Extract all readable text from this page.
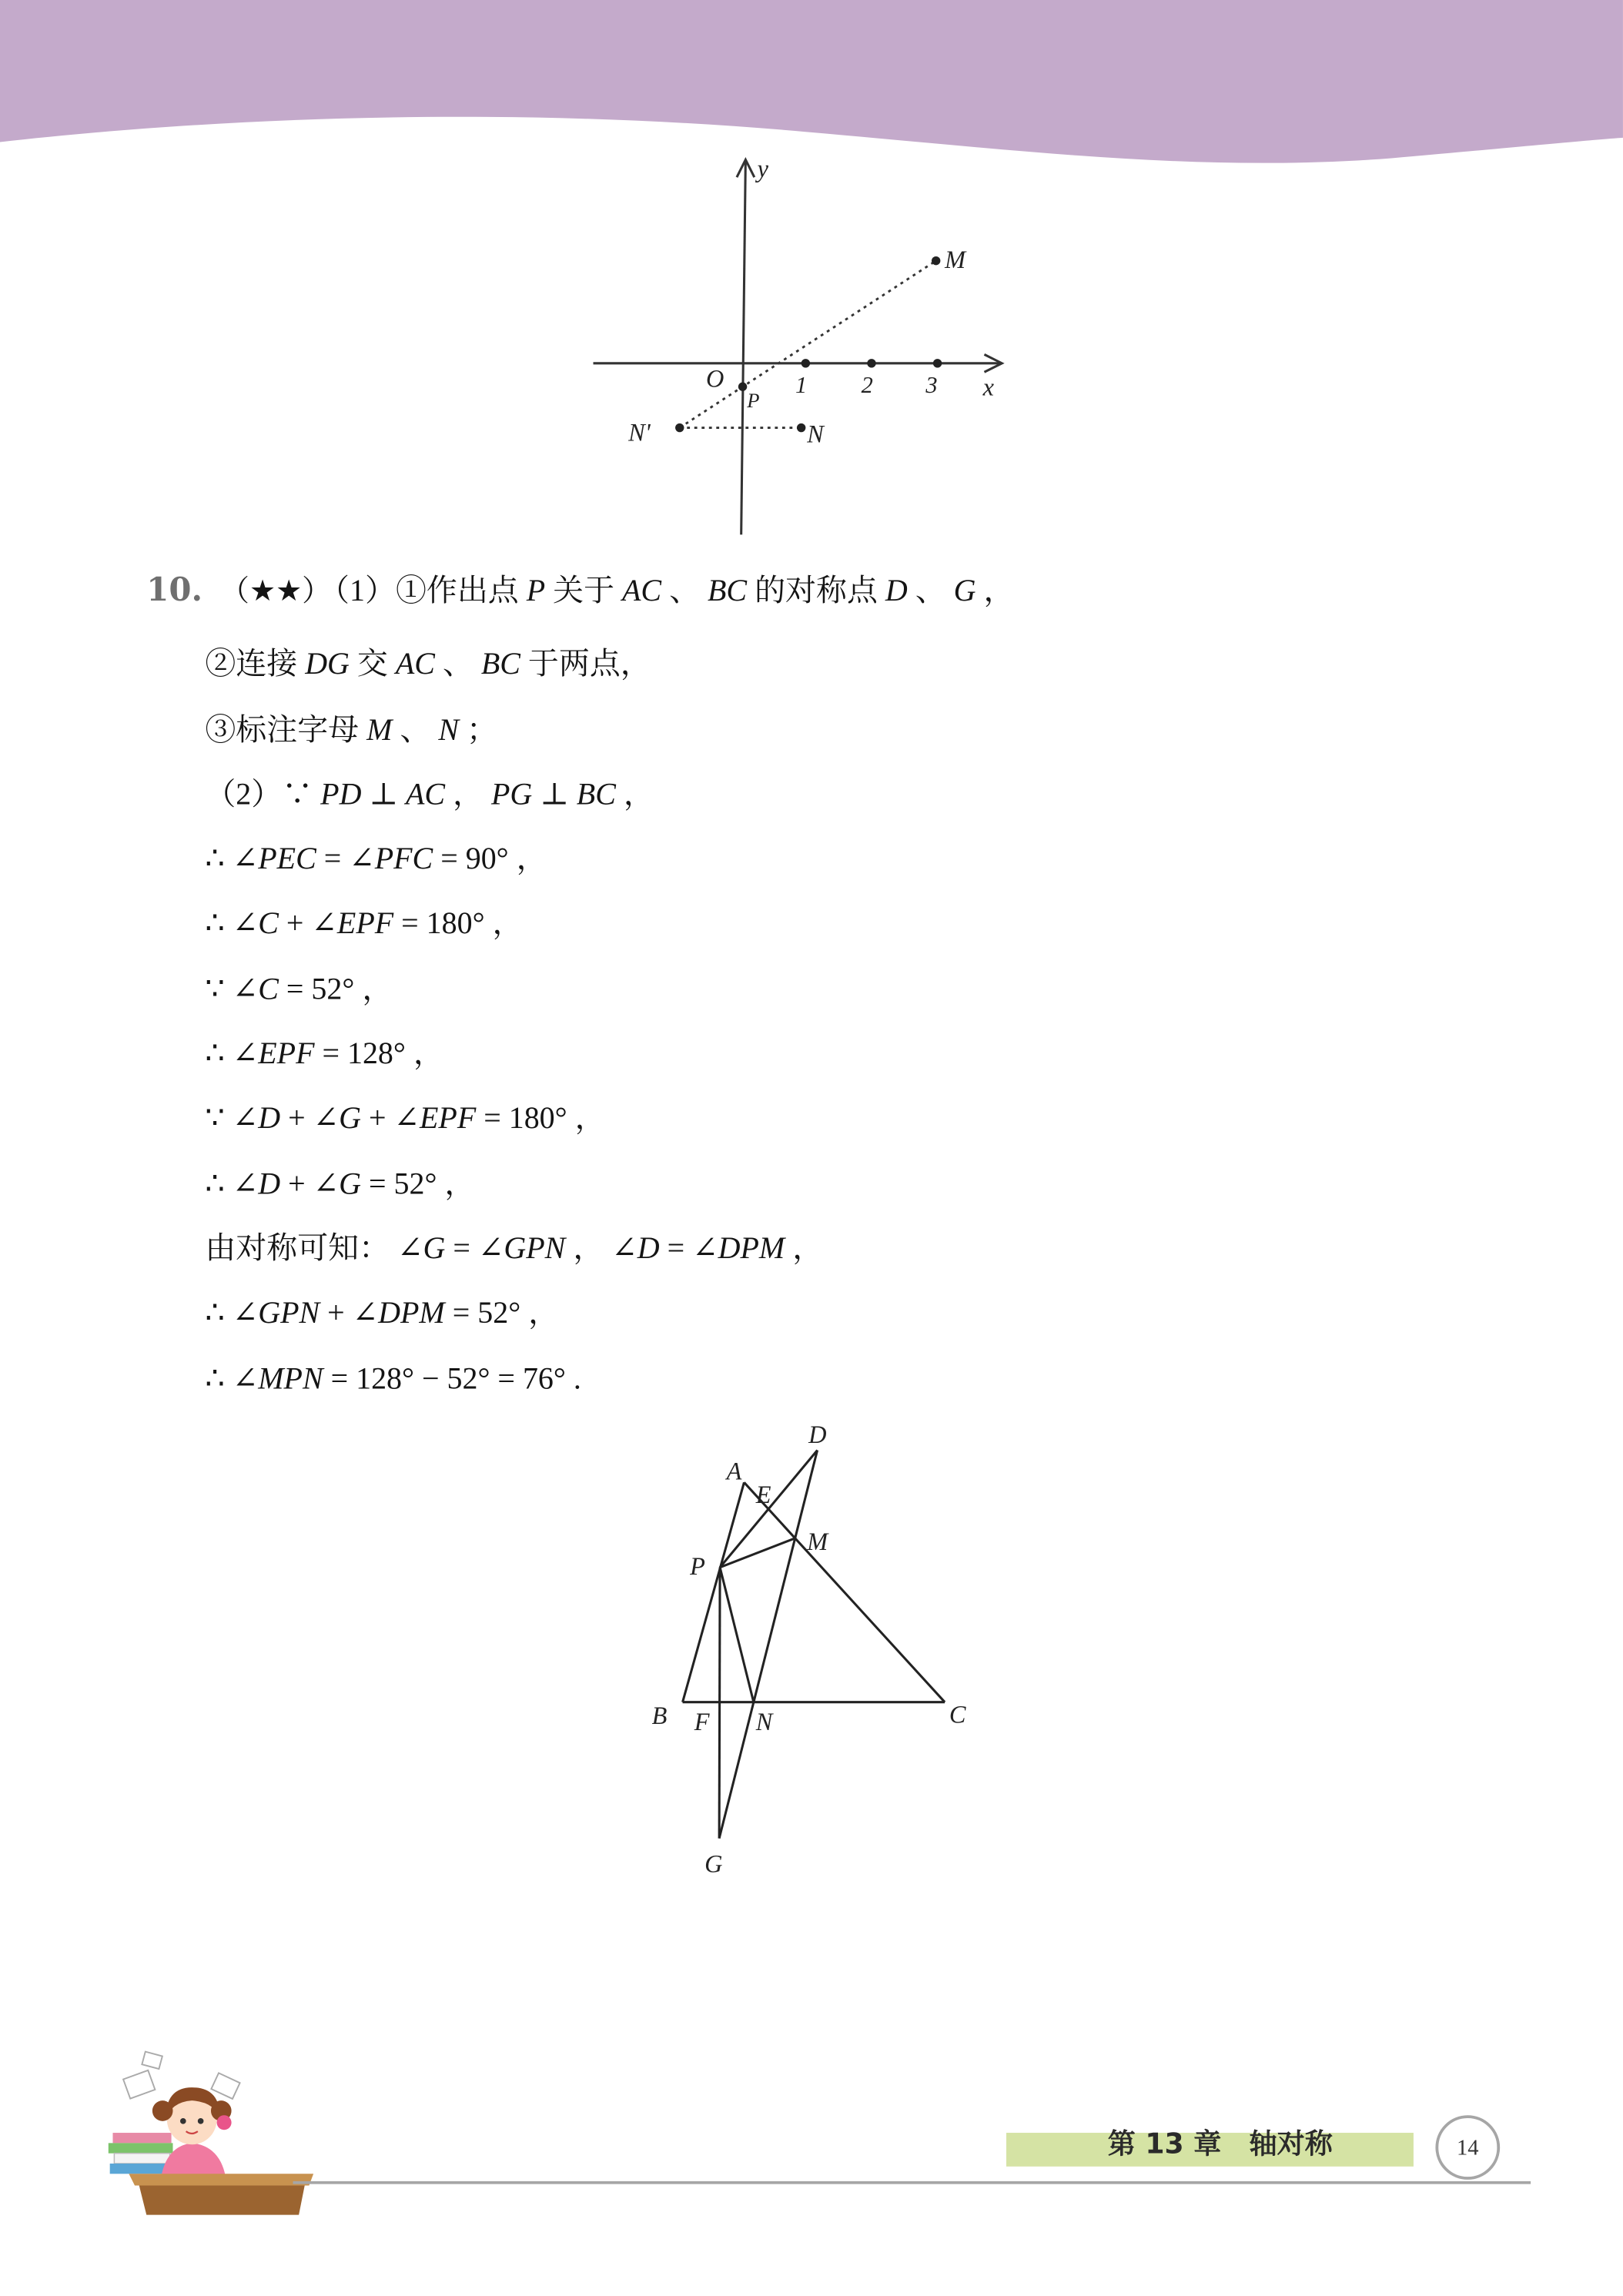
y
x
O	1	2	3
P
M
N'	N
D
A
E
M
P
B F	N	C
G
第 13 章　轴对称	14
10. （★★） （1）①作出点 P 关于 AC 、 BC 的对称点 D 、 G ，
②连接 DG 交 AC 、 BC 于两点，
③标注字母 M 、 N ；
（2）∵ PD ⊥ AC ， PG ⊥ BC ，
∴ ∠PEC = ∠PFC = 90° ，
∴ ∠C + ∠EPF = 180° ，
∵ ∠C = 52° ，
∴ ∠EPF = 128° ，
∵ ∠D + ∠G + ∠EPF = 180° ，
∴ ∠D + ∠G = 52° ，
由对称可知： ∠G = ∠GPN ， ∠D = ∠DPM ，
∴ ∠GPN + ∠DPM = 52° ，
∴ ∠MPN = 128° − 52° = 76° .
